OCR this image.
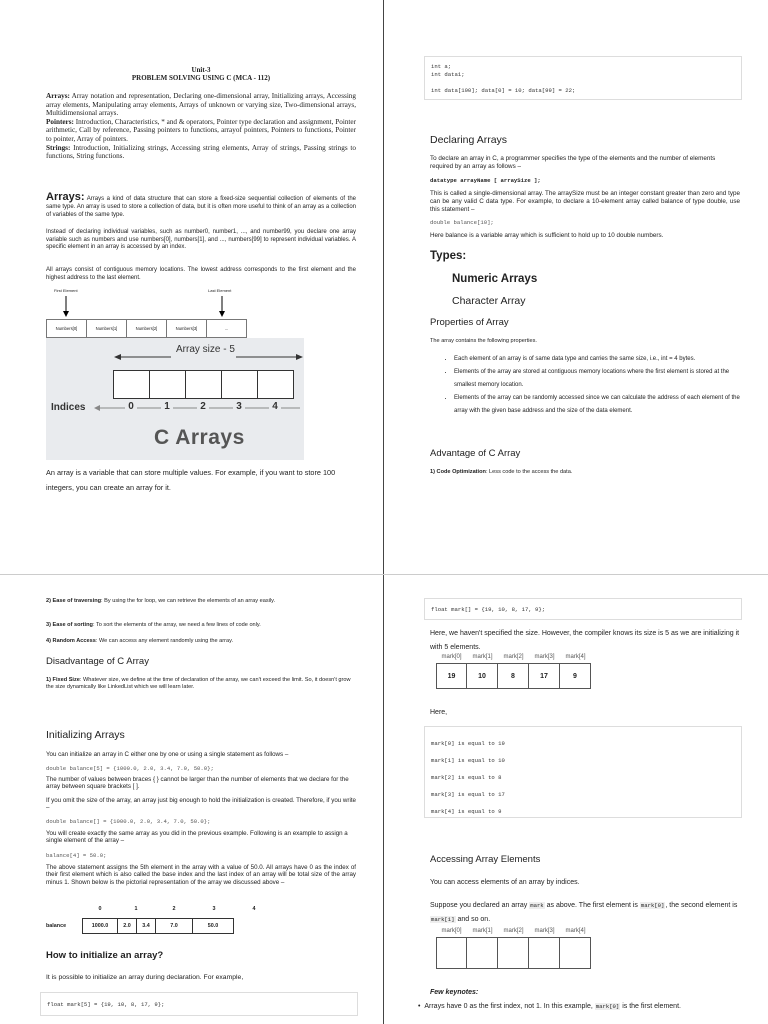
Unit-3
PROBLEM SOLVING USING C (MCA - 112)
Arrays: Array notation and representation, Declaring one-dimensional array, Initializing arrays, Accessing array elements, Manipulating array elements, Arrays of unknown or varying size, Two-dimensional arrays, Multidimensional arrays.
Pointers: Introduction, Characteristics, * and & operators, Pointer type declaration and assignment, Pointer arithmetic, Call by reference, Passing pointers to functions, arrayof pointers, Pointers to functions, Pointer to pointer, Array of pointers.
Strings: Introduction, Initializing strings, Accessing string elements, Array of strings, Passing strings to functions, String functions.
Arrays: Arrays a kind of data structure that can store a fixed-size sequential collection of elements of the same type. An array is used to store a collection of data, but it is often more useful to think of an array as a collection of variables of the same type.
Instead of declaring individual variables, such as number0, number1, ..., and number99, you declare one array variable such as numbers and use numbers[0], numbers[1], and ..., numbers[99] to represent individual variables. A specific element in an array is accessed by an index.
All arrays consist of contiguous memory locations. The lowest address corresponds to the first element and the highest address to the last element.
First Element	Last Element
Numbers[0]	Numbers[1]	Numbers[2]	Numbers[3]	...
Array size - 5
Indices	0	1	2	3	4
C Arrays
An array is a variable that can store multiple values. For example, if you want to store 100 integers, you can create an array for it.
int a;
int data1;
int data[100]; data[0] = 10; data[99] = 22;
Declaring Arrays
To declare an array in C, a programmer specifies the type of the elements and the number of elements required by an array as follows –
datatype arrayName [ arraySize ];
This is called a single-dimensional array. The arraySize must be an integer constant greater than zero and type can be any valid C data type. For example, to declare a 10-element array called balance of type double, use this statement –
double balance[10];
Here balance is a variable array which is sufficient to hold up to 10 double numbers.
Types:
Numeric Arrays
Character Array
Properties of Array
The array contains the following properties.
• Each element of an array is of same data type and carries the same size, i.e., int = 4 bytes.
• Elements of the array are stored at contiguous memory locations where the first element is stored at the smallest memory location.
• Elements of the array can be randomly accessed since we can calculate the address of each element of the array with the given base address and the size of the data element.
Advantage of C Array
1) Code Optimization: Less code to the access the data.
2) Ease of traversing: By using the for loop, we can retrieve the elements of an array easily.
3) Ease of sorting: To sort the elements of the array, we need a few lines of code only.
4) Random Access: We can access any element randomly using the array.
Disadvantage of C Array
1) Fixed Size: Whatever size, we define at the time of declaration of the array, we can't exceed the limit. So, it doesn't grow the size dynamically like LinkedList which we will learn later.
Initializing Arrays
You can initialize an array in C either one by one or using a single statement as follows –
double balance[5] = {1000.0, 2.0, 3.4, 7.0, 50.0};
The number of values between braces { } cannot be larger than the number of elements that we declare for the array between square brackets [ ].
If you omit the size of the array, an array just big enough to hold the initialization is created. Therefore, if you write –
double balance[] = {1000.0, 2.0, 3.4, 7.0, 50.0};
You will create exactly the same array as you did in the previous example. Following is an example to assign a single element of the array –
balance[4] = 50.0;
The above statement assigns the 5th element in the array with a value of 50.0. All arrays have 0 as the index of their first element which is also called the base index and the last index of an array will be total size of the array minus 1. Shown below is the pictorial representation of the array we discussed above –
0	1	2	3	4
balance	1000.0	2.0	3.4	7.0	50.0
How to initialize an array?
It is possible to initialize an array during declaration. For example,
float mark[5] = {19, 10, 8, 17, 9};
float mark[] = {19, 10, 8, 17, 9};
Here, we haven't specified the size. However, the compiler knows its size is 5 as we are initializing it with 5 elements.
mark[0]	mark[1]	mark[2]	mark[3]	mark[4]
19	10	8	17	9
Here,
mark[0] is equal to 19
mark[1] is equal to 10
mark[2] is equal to 8
mark[3] is equal to 17
mark[4] is equal to 9
Accessing Array Elements
You can access elements of an array by indices.
Suppose you declared an array mark as above. The first element is mark[0], the second element is mark[1] and so on.
mark[0]	mark[1]	mark[2]	mark[3]	mark[4]
Few keynotes:
•  Arrays have 0 as the first index, not 1. In this example, mark[0] is the first element.
